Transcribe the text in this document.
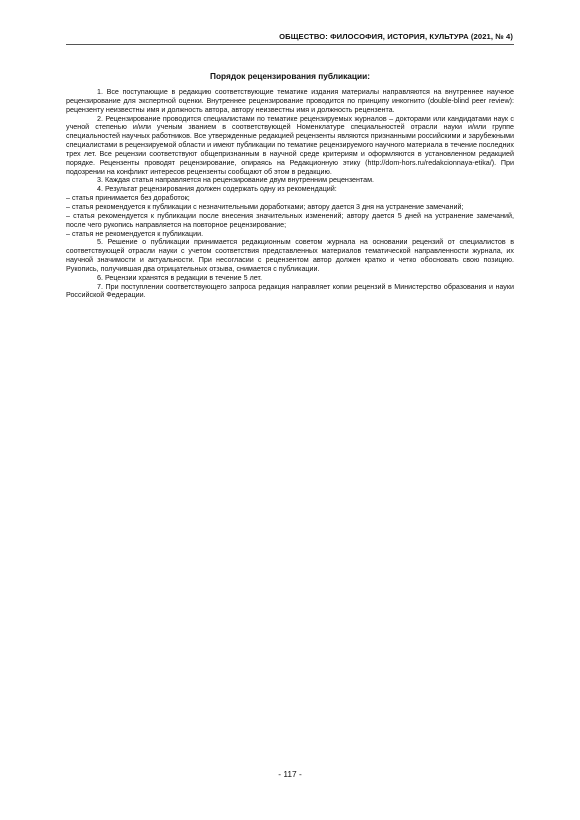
ОБЩЕСТВО: ФИЛОСОФИЯ, ИСТОРИЯ, КУЛЬТУРА (2021, № 4)
Порядок рецензирования публикации:

1. Все поступающие в редакцию соответствующие тематике издания материалы направляются на внутреннее научное рецензирование для экспертной оценки. Внутреннее рецензирование проводится по принципу инкогнито (double-blind peer review): рецензенту неизвестны имя и должность автора, автору неизвестны имя и должность рецензента.

2. Рецензирование проводится специалистами по тематике рецензируемых журналов – докторами или кандидатами наук с ученой степенью и/или ученым званием в соответствующей Номенклатуре специальностей отрасли науки и/или группе специальностей научных работников. Все утвержденные редакцией рецензенты являются признанными российскими и зарубежными специалистами в рецензируемой области и имеют публикации по тематике рецензируемого научного материала в течение последних трех лет. Все рецензии соответствуют общепризнанным в научной среде критериям и оформляются в установленном редакцией порядке. Рецензенты проводят рецензирование, опираясь на Редакционную этику (http://dom-hors.ru/redakcionnaya-etika/). При подозрении на конфликт интересов рецензенты сообщают об этом в редакцию.

3. Каждая статья направляется на рецензирование двум внутренним рецензентам.

4. Результат рецензирования должен содержать одну из рекомендаций:

– статья принимается без доработок;

– статья рекомендуется к публикации с незначительными доработками; автору дается 3 дня на устранение замечаний;

– статья рекомендуется к публикации после внесения значительных изменений; автору дается 5 дней на устранение замечаний, после чего рукопись направляется на повторное рецензирование;

– статья не рекомендуется к публикации.

5. Решение о публикации принимается редакционным советом журнала на основании рецензий от специалистов в соответствующей отрасли науки с учетом соответствия представленных материалов тематической направленности журнала, их научной значимости и актуальности. При несогласии с рецензентом автор должен кратко и четко обосновать свою позицию. Рукопись, получившая два отрицательных отзыва, снимается с публикации.

6. Рецензии хранятся в редакции в течение 5 лет.

7. При поступлении соответствующего запроса редакция направляет копии рецензий в Министерство образования и науки Российской Федерации.

- 117 -
